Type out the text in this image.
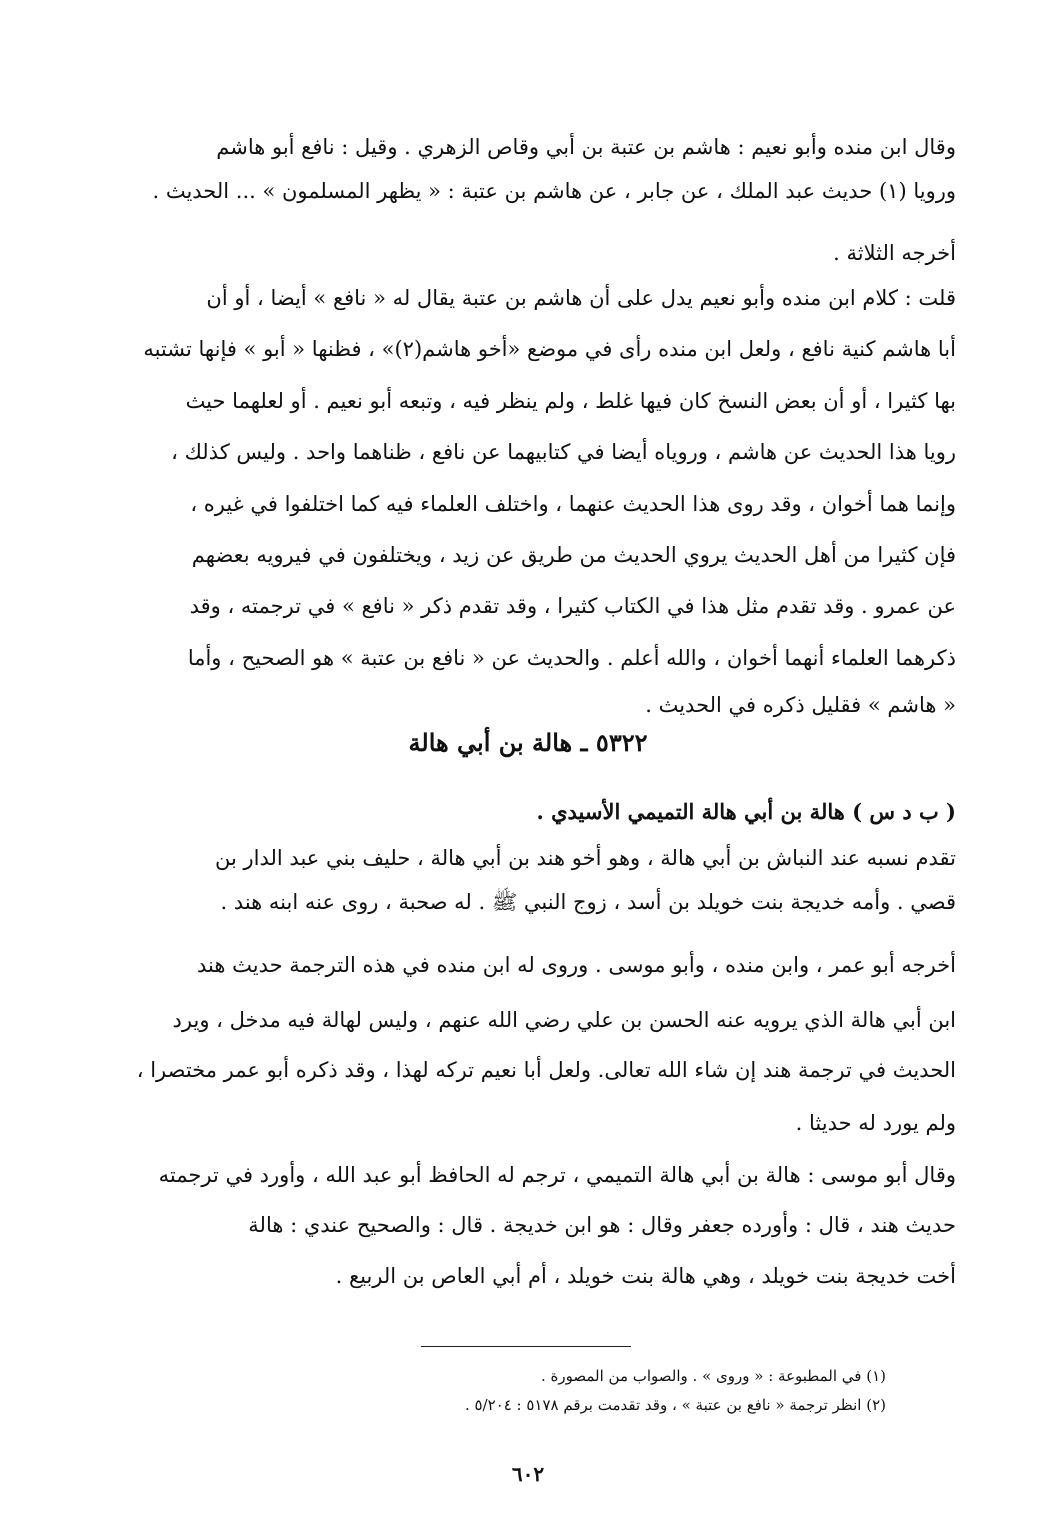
وقال ابن منده وأبو نعيم : هاشم بن عتبة بن أبي وقاص الزهري . وقيل : نافع أبو هاشم
ورويا (١) حديث عبد الملك ، عن جابر ، عن هاشم بن عتبة : « يظهر المسلمون » ... الحديث .
أخرجه الثلاثة .
قلت : كلام ابن منده وأبو نعيم يدل على أن هاشم بن عتبة يقال له « نافع » أيضا ، أو أن
أبا هاشم كنية نافع ، ولعل ابن منده رأى في موضع «أخو هاشم(٢)» ، فظنها « أبو » فإنها تشتبه
بها كثيرا ، أو أن بعض النسخ كان فيها غلط ، ولم ينظر فيه ، وتبعه أبو نعيم . أو لعلهما حيث
رويا هذا الحديث عن هاشم ، وروياه أيضا في كتابيهما عن نافع ، ظناهما واحد . وليس كذلك ،
وإنما هما أخوان ، وقد روى هذا الحديث عنهما ، واختلف العلماء فيه كما اختلفوا في غيره ،
فإن كثيرا من أهل الحديث يروي الحديث من طريق عن زيد ، ويختلفون في فيرويه بعضهم
عن عمرو . وقد تقدم مثل هذا في الكتاب كثيرا ، وقد تقدم ذكر « نافع » في ترجمته ، وقد
ذكرهما العلماء أنهما أخوان ، والله أعلم . والحديث عن « نافع بن عتبة » هو الصحيح ، وأما
« هاشم » فقليل ذكره في الحديث .
٥٣٢٢ ـ هالة بن أبي هالة
( ب د س ) هالة بن أبي هالة التميمي الأسيدي .
تقدم نسبه عند النباش بن أبي هالة ، وهو أخو هند بن أبي هالة ، حليف بني عبد الدار بن
قصي . وأمه خديجة بنت خويلد بن أسد ، زوج النبي ﷺ . له صحبة ، روى عنه ابنه هند .
أخرجه أبو عمر ، وابن منده ، وأبو موسى . وروى له ابن منده في هذه الترجمة حديث هند
ابن أبي هالة الذي يرويه عنه الحسن بن علي رضي الله عنهم ، وليس لهالة فيه مدخل ، ويرد
الحديث في ترجمة هند إن شاء الله تعالى. ولعل أبا نعيم تركه لهذا ، وقد ذكره أبو عمر مختصرا ،
ولم يورد له حديثا .
وقال أبو موسى : هالة بن أبي هالة التميمي ، ترجم له الحافظ أبو عبد الله ، وأورد في ترجمته
حديث هند ، قال : وأورده جعفر وقال : هو ابن خديجة . قال : والصحيح عندي : هالة
أخت خديجة بنت خويلد ، وهي هالة بنت خويلد ، أم أبي العاص بن الربيع .
(١) في المطبوعة : « وروى » . والصواب من المصورة .
(٢) انظر ترجمة « نافع بن عتبة » ، وقد تقدمت برقم ٥١٧٨ : ٥/٢٠٤ .
٦٠٢
